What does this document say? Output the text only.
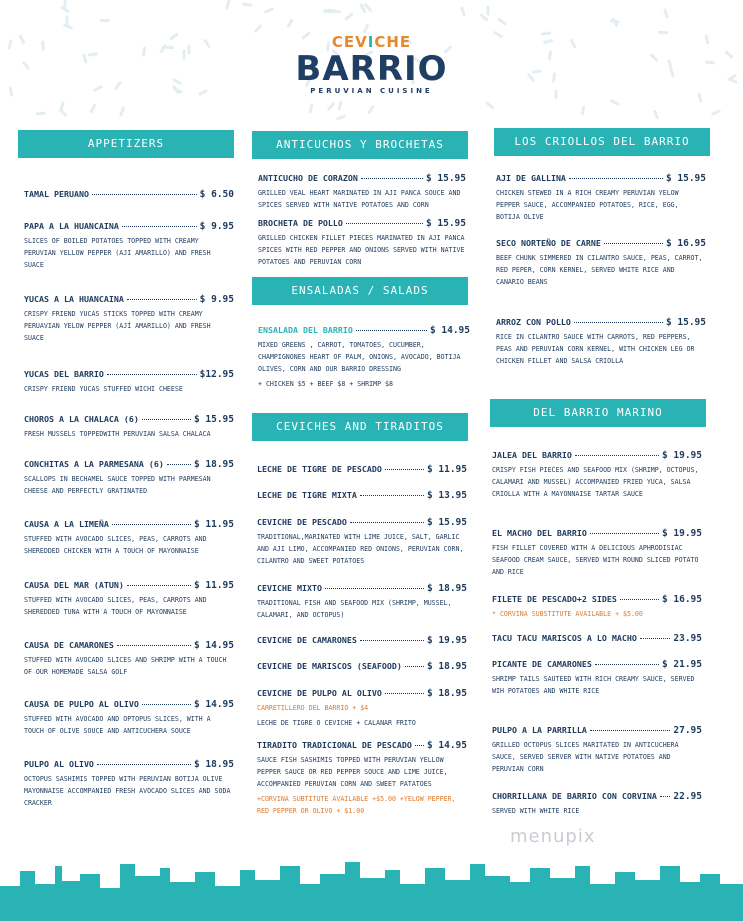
CEVICHE
BARRIO
PERUVIAN CUISINE
APPETIZERS	ANTICUCHOS Y BROCHETAS	LOS CRIOLLOS DEL BARRIO
ENSALADAS / SALADS
CEVICHES AND TIRADITOS
DEL BARRIO MARINO
TAMAL PERUANO	$ 6.50
PAPA A LA HUANCAINA	$ 9.95
SLICES OF BOILED POTATOES TOPPED WITH CREAMY PERUVIAN YELLOW PEPPER (AJI AMARILLO) AND FRESH SUACE
YUCAS A LA HUANCAINA	$ 9.95
CRISPY FRIEND YUCAS STICKS TOPPED WITH CREAMY PERUAVIAN YELOW PEPPER (AJÍ AMARILLO) AND FRESH SUACE
YUCAS DEL BARRIO	$12.95
CRISPY FRIEND YUCAS STUFFED WICHI CHEESE
CHOROS A LA CHALACA (6)	$ 15.95
FRESH MUSSELS TOPPEDWITH PERUVIAN SALSA CHALACA
CONCHITAS A LA PARMESANA (6)	$ 18.95
SCALLOPS IN BECHAMEL SAUCE TOPPED WITH PARMESAN CHEESE AND PERFECTLY GRATINATED
CAUSA A LA LIMEÑA	$ 11.95
STUFFED WITH AVOCADO SLICES, PEAS, CARROTS AND SHEREDDED CHICKEN WITH A TOUCH OF MAYONNAISE
CAUSA DEL MAR (ATUN)	$ 11.95
STUFFED WITH AVOCADO SLICES, PEAS, CARROTS AND SHEREDDED TUNA WITH A TOUCH OF MAYONNAISE
CAUSA DE CAMARONES	$ 14.95
STUFFED WITH AVOCADO SLICES AND SHRIMP WITH A TOUCH OF OUR HOMEMADE SALSA GOLF
CAUSA DE PULPO AL OLIVO	$ 14.95
STUFFED WITH AVOCADO AND OPTOPUS SLICES, WITH A TOUCH OF OLIVE SOUCE AND ANTICUCHERA SOUCE
PULPO AL OLIVO	$ 18.95
OCTOPUS SASHIMIS TOPPED WITH PERUVIAN BOTIJA OLIVE MAYONNAISE ACCOMPANIED FRESH AVOCADO SLICES AND SODA CRACKER
ANTICUCHO DE CORAZON	$ 15.95
GRILLED VEAL HEART MARINATED IN AJI PANCA SOUCE AND SPICES SERVED WITH NATIVE POTATOES AND CORN
BROCHETA DE POLLO	$ 15.95
GRILLED CHICKEN FILLET PIECES MARINATED IN AJI PANCA SPICES WITH RED PEPPER AND ONIONS SERVED WITH NATIVE POTATOES AND PERUVIAN CORN
ENSALADA DEL BARRIO	$ 14.95
MIXED GREENS , CARROT, TOMATOES, CUCUMBER, CHAMPIGNONES HEART OF PALM, ONIONS, AVOCADO, BOTIJA OLIVES, CORN AND OUR BARRIO DRESSING
+ CHICKEN $5 + BEEF $8 + SHRIMP $8
LECHE DE TIGRE DE PESCADO	$ 11.95
LECHE DE TIGRE MIXTA	$ 13.95
CEVICHE DE PESCADO	$ 15.95
TRADITIONAL,MARINATED WITH LIME JUICE, SALT, GARLIC AND AJI LIMO, ACCOMPANIED RED ONIONS, PERUVIAN CORN, CILANTRO AND SWEET POTATOES
CEVICHE MIXTO	$ 18.95
TRADITIONAL FISH AND SEAFOOD MIX (SHRIMP, MUSSEL, CALAMARI, AND OCTOPUS)
CEVICHE DE CAMARONES	$ 19.95
CEVICHE DE MARISCOS (SEAFOOD)	$ 18.95
CEVICHE DE PULPO AL OLIVO	$ 18.95
CARRETILLERO DEL BARRIO + $4
LECHE DE TIGRE O CEVICHE + CALANAR FRITO
TIRADITO TRADICIONAL DE PESCADO $ 14.95
SAUCE FISH SASHIMIS TOPPED WITH PERUVIAN YELLOW PEPPER SAUCE OR RED PEPPER SOUCE AND LIME JUICE, ACCOMPANIED PERUVIAN CORN AND SWEET PATATOES
+CORVINA SUBTITUTE AVAILABLE +$5.00 +YELOW PEPPER, RED PEPPER OR OLIVO + $1.00
AJI DE GALLINA	$ 15.95
CHICKEN STEWED IN A RICH CREAMY PERUVIAN YELOW PEPPER SAUCE, ACCOMPANIED POTATOES, RICE, EGG, BOTIJA OLIVE
SECO NORTEÑO DE CARNE	$ 16.95
BEEF CHUNK SIMMERED IN CILANTRO SAUCE, PEAS, CARROT, RED PEPER, CORN KERNEL, SERVED WHITE RICE AND CANARIO BEANS
ARROZ CON POLLO	$ 15.95
RICE IN CILANTRO SAUCE WITH CARROTS, RED PEPPERS, PEAS AND PERUVIAN CORN KERNEL, WITH CHICKEN LEG OR CHICKEN FILLET AND SALSA CRIOLLA
JALEA DEL BARRIO	$ 19.95
CRISPY FISH PIECES AND SEAFOOD MIX (SHRIMP, OCTOPUS, CALAMARI AND MUSSEL) ACCOMPANIED FRIED YUCA, SALSA CRIOLLA WITH A MAYONNAISE TARTAR SAUCE
EL MACHO DEL BARRIO	$ 19.95
FISH FILLET COVERED WITH A DELICIOUS APHRODISIAC SEAFOOD CREAM SAUCE, SERVED WITH ROUND SLICED POTATO AND RICE
FILETE DE PESCADO+2 SIDES	$ 16.95
* CORVINA SUBSTITUTE AVAILABLE + $5.00
TACU TACU MARISCOS A LO MACHO	23.95
PICANTE DE CAMARONES	$ 21.95
SHRIMP TAILS SAUTEED WITH RICH CREAMY SAUCE, SERVED WIH POTATOES AND WHITE RICE
PULPO A LA PARRILLA	27.95
GRILLED OCTOPUS SLICES MARITATED IN ANTICUCHERA SAUCE, SERVED SERVER WITH NATIVE POTATOES AND PERUVIAN CORN
CHORRILLANA DE BARRIO CON CORVINA 22.95
SERVED WITH WHITE RICE
menupix
